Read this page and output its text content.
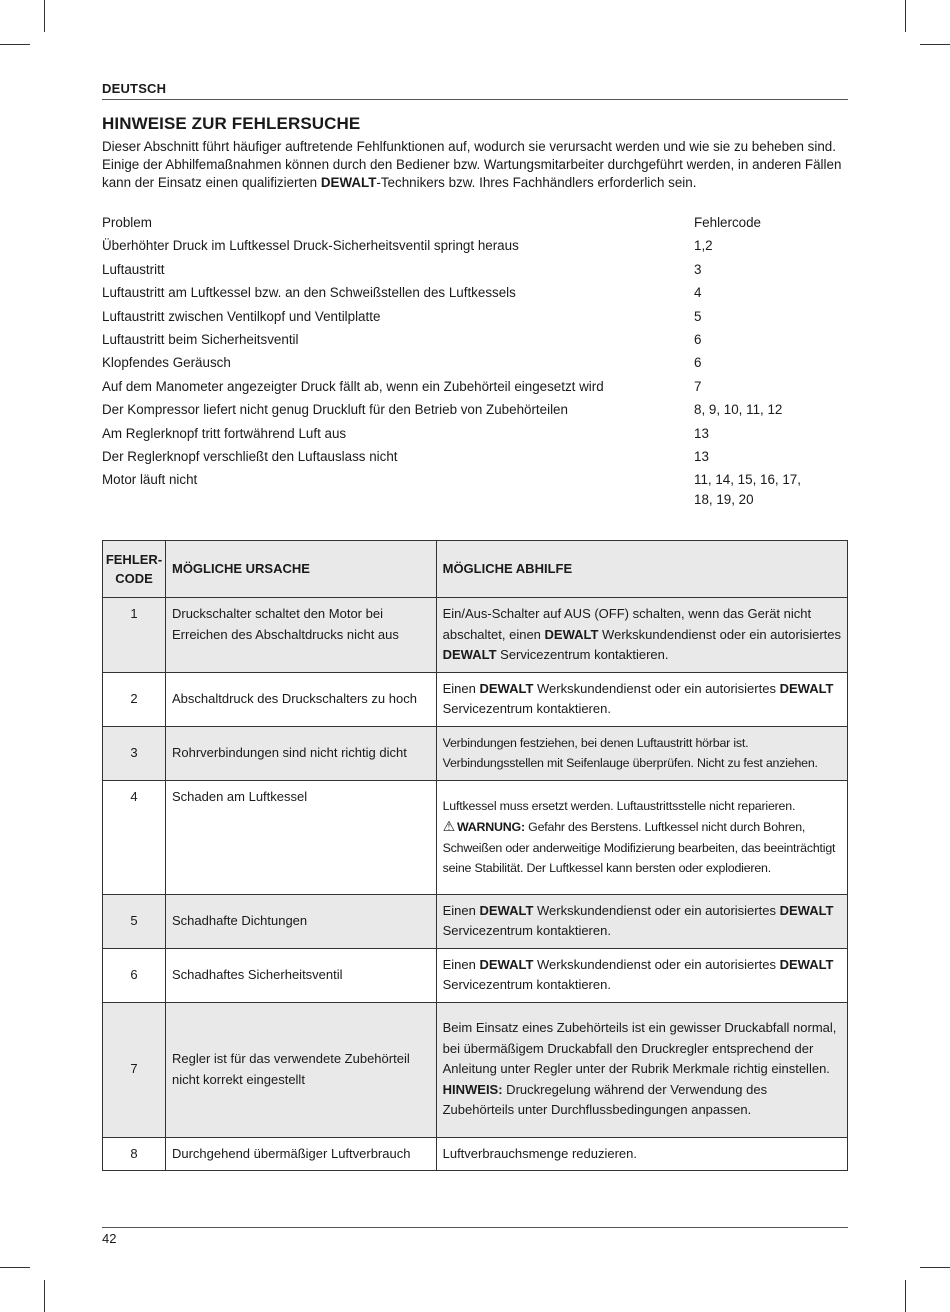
DEUTSCH
HINWEISE ZUR FEHLERSUCHE
Dieser Abschnitt führt häufiger auftretende Fehlfunktionen auf, wodurch sie verursacht werden und wie sie zu beheben sind. Einige der Abhilfemaßnahmen können durch den Bediener bzw. Wartungsmitarbeiter durchgeführt werden, in anderen Fällen kann der Einsatz einen qualifizierten DEWALT-Technikers bzw. Ihres Fachhändlers erforderlich sein.
Problem	Fehlercode
Überhöhter Druck im Luftkessel Druck-Sicherheitsventil springt heraus	1,2
Luftaustritt	3
Luftaustritt am Luftkessel bzw. an den Schweißstellen des Luftkessels	4
Luftaustritt zwischen Ventilkopf und Ventilplatte	5
Luftaustritt beim Sicherheitsventil	6
Klopfendes Geräusch	6
Auf dem Manometer angezeigter Druck fällt ab, wenn ein Zubehörteil eingesetzt wird	7
Der Kompressor liefert nicht genug Druckluft für den Betrieb von Zubehörteilen	8, 9, 10, 11, 12
Am Reglerknopf tritt fortwährend Luft aus	13
Der Reglerknopf verschließt den Luftauslass nicht	13
Motor läuft nicht	11, 14, 15, 16, 17,
18, 19, 20
FEHLER-
CODE	MÖGLICHE URSACHE	MÖGLICHE ABHILFE

1	Druckschalter schaltet den Motor bei Erreichen des Abschaltdrucks nicht aus	Ein/Aus-Schalter auf AUS (OFF) schalten, wenn das Gerät nicht abschaltet, einen DEWALT Werkskundendienst oder ein autorisiertes DEWALT Servicezentrum kontaktieren.

2	Abschaltdruck des Druckschalters zu hoch	Einen DEWALT Werkskundendienst oder ein autorisiertes DEWALT Servicezentrum kontaktieren.

3	Rohrverbindungen sind nicht richtig dicht	Verbindungen festziehen, bei denen Luftaustritt hörbar ist. Verbindungsstellen mit Seifenlauge überprüfen. Nicht zu fest anziehen.

4	Schaden am Luftkessel	Luftkessel muss ersetzt werden. Luftaustrittsstelle nicht reparieren.
⚠ WARNUNG: Gefahr des Berstens. Luftkessel nicht durch Bohren, Schweißen oder anderweitige Modifizierung bearbeiten, das beeinträchtigt seine Stabilität. Der Luftkessel kann bersten oder explodieren.

5	Schadhafte Dichtungen	Einen DEWALT Werkskundendienst oder ein autorisiertes DEWALT Servicezentrum kontaktieren.

6	Schadhaftes Sicherheitsventil	Einen DEWALT Werkskundendienst oder ein autorisiertes DEWALT Servicezentrum kontaktieren.

7	Regler ist für das verwendete Zubehörteil nicht korrekt eingestellt	Beim Einsatz eines Zubehörteils ist ein gewisser Druckabfall normal, bei übermäßigem Druckabfall den Druckregler entsprechend der Anleitung unter Regler unter der Rubrik Merkmale richtig einstellen.
HINWEIS: Druckregelung während der Verwendung des Zubehörteils unter Durchflussbedingungen anpassen.

8	Durchgehend übermäßiger Luftverbrauch	Luftverbrauchsmenge reduzieren.
42
